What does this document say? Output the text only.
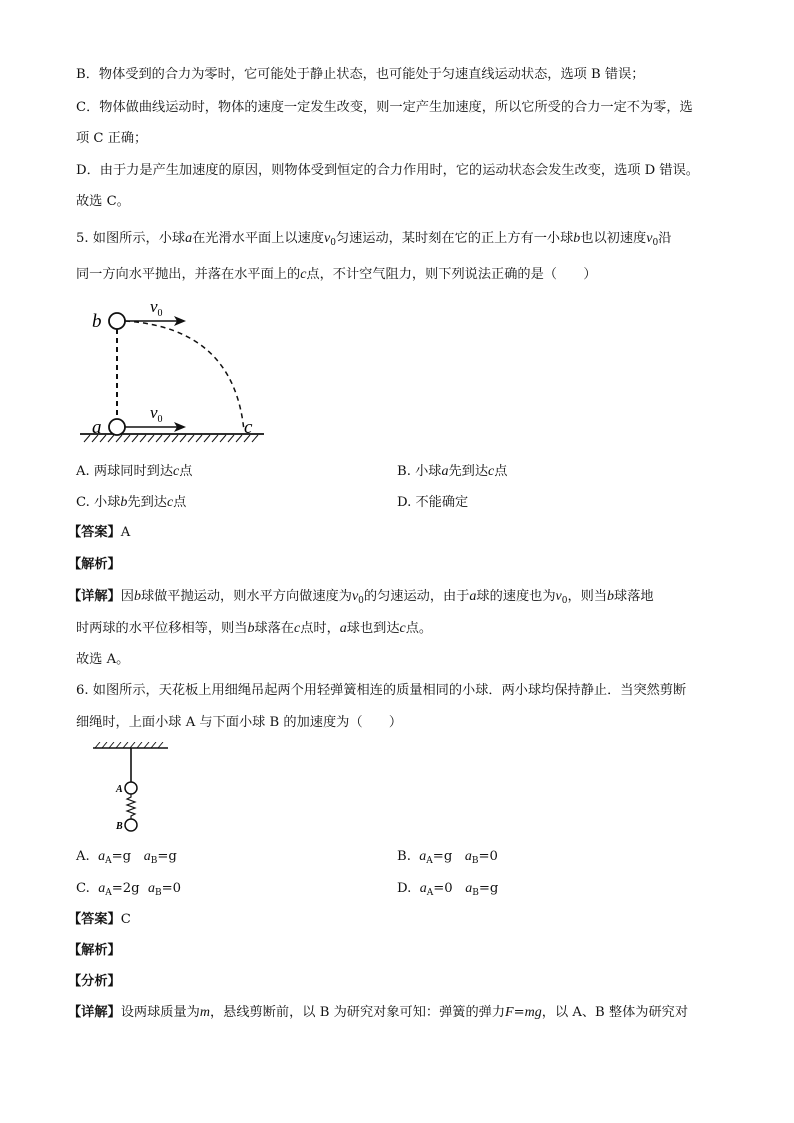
B．物体受到的合力为零时，它可能处于静止状态，也可能处于匀速直线运动状态，选项 B 错误；
C．物体做曲线运动时，物体的速度一定发生改变，则一定产生加速度，所以它所受的合力一定不为零，选
项 C 正确；
D．由于力是产生加速度的原因，则物体受到恒定的合力作用时，它的运动状态会发生改变，选项 D 错误。
故选 C。
5. 如图所示，小球a在光滑水平面上以速度$v_0$匀速运动，某时刻在它的正上方有一小球b也以初速度$v_0$沿
同一方向水平抛出，并落在水平面上的c点，不计空气阻力，则下列说法正确的是（　　）
b
a	c
$v_0$
$v_0$
A. 两球同时到达c点	B. 小球a先到达c点
C. 小球b先到达c点	D. 不能确定
【答案】A
【解析】
【详解】因b球做平抛运动，则水平方向做速度为$v_0$的匀速运动，由于a球的速度也为$v_0$，则当b球落地
时两球的水平位移相等，则当b球落在c点时，a球也到达c点。
故选 A。
6. 如图所示，天花板上用细绳吊起两个用轻弹簧相连的质量相同的小球．两小球均保持静止．当突然剪断
细绳时，上面小球 A 与下面小球 B 的加速度为（　　）
A
B
A. $a_A=g$ $a_B=g$	B. $a_A=g$ $a_B=0$
C. $a_A=2g$ $a_B=0$	D. $a_A=0$ $a_B=g$
【答案】C
【解析】
【分析】
【详解】设两球质量为m，悬线剪断前，以 B 为研究对象可知：弹簧的弹力F=mg，以 A、B 整体为研究对
